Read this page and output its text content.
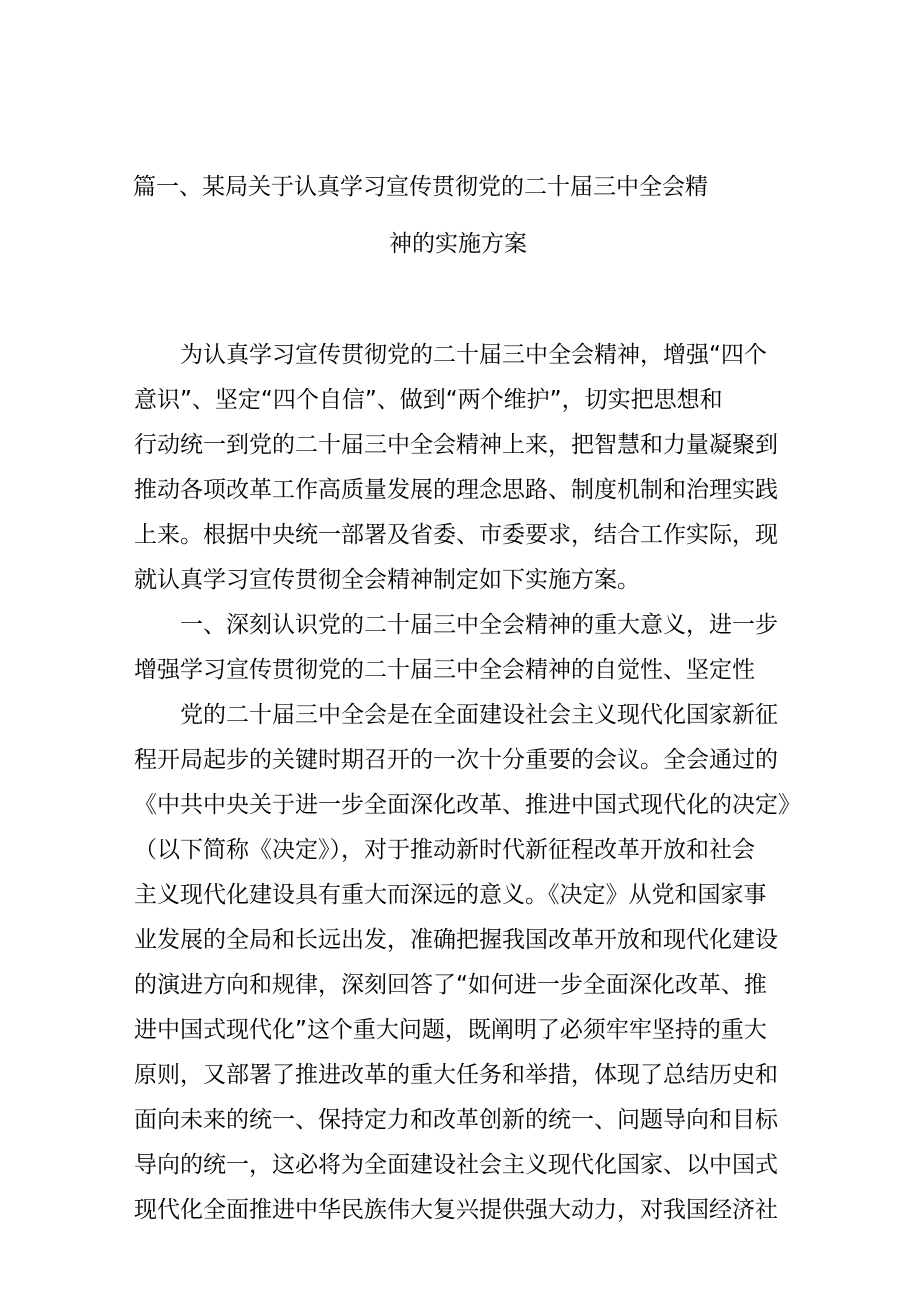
篇一、某局关于认真学习宣传贯彻党的二十届三中全会精
神的实施方案
为认真学习宣传贯彻党的二十届三中全会精神，增强“四个
意识”、坚定“四个自信”、做到“两个维护”，切实把思想和
行动统一到党的二十届三中全会精神上来，把智慧和力量凝聚到
推动各项改革工作高质量发展的理念思路、制度机制和治理实践
上来。根据中央统一部署及省委、市委要求，结合工作实际，现
就认真学习宣传贯彻全会精神制定如下实施方案。
一、深刻认识党的二十届三中全会精神的重大意义，进一步
增强学习宣传贯彻党的二十届三中全会精神的自觉性、坚定性
党的二十届三中全会是在全面建设社会主义现代化国家新征
程开局起步的关键时期召开的一次十分重要的会议。全会通过的
《中共中央关于进一步全面深化改革、推进中国式现代化的决定》
（以下简称《决定》），对于推动新时代新征程改革开放和社会
主义现代化建设具有重大而深远的意义。《决定》从党和国家事
业发展的全局和长远出发，准确把握我国改革开放和现代化建设
的演进方向和规律，深刻回答了“如何进一步全面深化改革、推
进中国式现代化”这个重大问题，既阐明了必须牢牢坚持的重大
原则，又部署了推进改革的重大任务和举措，体现了总结历史和
面向未来的统一、保持定力和改革创新的统一、问题导向和目标
导向的统一，这必将为全面建设社会主义现代化国家、以中国式
现代化全面推进中华民族伟大复兴提供强大动力，对我国经济社
